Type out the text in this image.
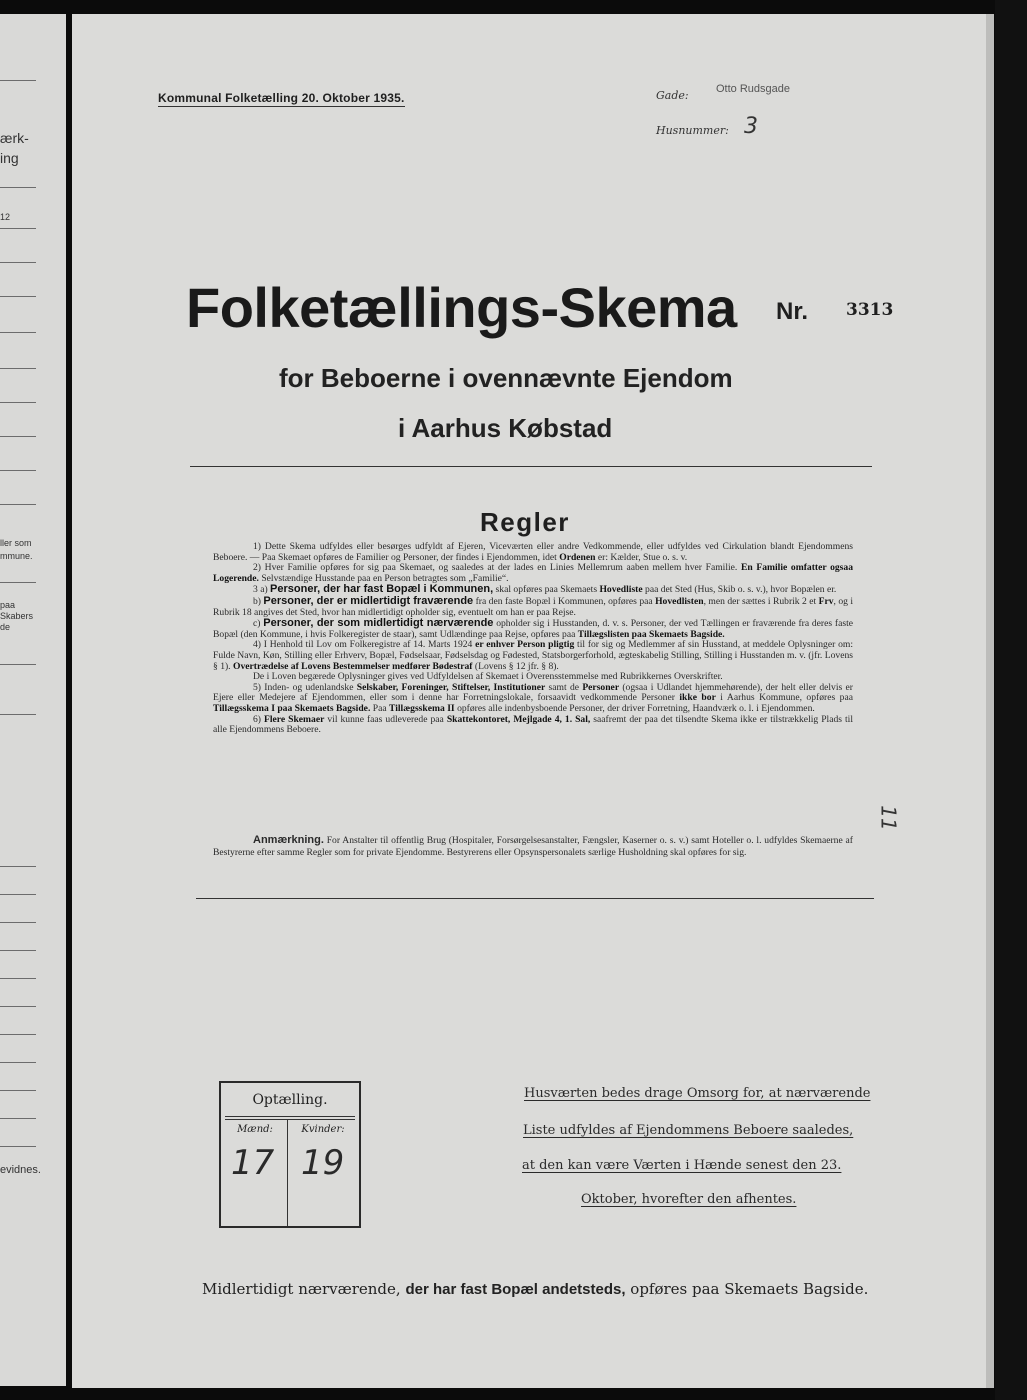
ærk-
ing
12
ller som
mmune.
paa
Skabers
de
evidnes.
Kommunal Folketælling 20. Oktober 1935.	Gade: Otto Rudsgade
Husnummer: 3
Folketællings-Skema Nr. 3313
for Beboerne i ovennævnte Ejendom
i Aarhus Købstad
Regler

1) Dette Skema udfyldes eller besørges udfyldt af Ejeren, Viceværten eller andre Vedkommende, eller udfyldes ved Cirkulation blandt Ejendommens Beboere. — Paa Skemaet opføres de Familier og Personer, der findes i Ejendommen, idet Ordenen er: Kælder, Stue o. s. v.

2) Hver Familie opføres for sig paa Skemaet, og saaledes at der lades en Linies Mellemrum aaben mellem hver Familie. En Familie omfatter ogsaa Logerende. Selvstændige Husstande paa en Person betragtes som „Familie“.

3 a) Personer, der har fast Bopæl i Kommunen, skal opføres paa Skemaets Hovedliste paa det Sted (Hus, Skib o. s. v.), hvor Bopælen er.

b) Personer, der er midlertidigt fraværende fra den faste Bopæl i Kommunen, opføres paa Hovedlisten, men der sættes i Rubrik 2 et Frv, og i Rubrik 18 angives det Sted, hvor han midlertidigt opholder sig, eventuelt om han er paa Rejse.

c) Personer, der som midlertidigt nærværende opholder sig i Husstanden, d. v. s. Personer, der ved Tællingen er fraværende fra deres faste Bopæl (den Kommune, i hvis Folkeregister de staar), samt Udlændinge paa Rejse, opføres paa Tillægslisten paa Skemaets Bagside.

4) I Henhold til Lov om Folkeregistre af 14. Marts 1924 er enhver Person pligtig til for sig og Medlemmer af sin Husstand, at meddele Oplysninger om: Fulde Navn, Køn, Stilling eller Erhverv, Bopæl, Fødselsaar, Fødselsdag og Fødested, Statsborgerforhold, ægteskabelig Stilling, Stilling i Husstanden m. v. (jfr. Lovens § 1). Overtrædelse af Lovens Bestemmelser medfører Bødestraf (Lovens § 12 jfr. § 8).

De i Loven begærede Oplysninger gives ved Udfyldelsen af Skemaet i Overensstemmelse med Rubrikkernes Overskrifter.

5) Inden- og udenlandske Selskaber, Foreninger, Stiftelser, Institutioner samt de Personer (ogsaa i Udlandet hjemmehørende), der helt eller delvis er Ejere eller Medejere af Ejendommen, eller som i denne har Forretningslokale, forsaavidt vedkommende Personer ikke bor i Aarhus Kommune, opføres paa Tillægsskema I paa Skemaets Bagside. Paa Tillægsskema II opføres alle indenbysboende Personer, der driver Forretning, Haandværk o. l. i Ejendommen.

6) Flere Skemaer vil kunne faas udleverede paa Skattekontoret, Mejlgade 4, 1. Sal, saafremt der paa det tilsendte Skema ikke er tilstrækkelig Plads til alle Ejendommens Beboere.

11
Anmærkning. For Anstalter til offentlig Brug (Hospitaler, Forsørgelsesanstalter, Fængsler, Kaserner o. s. v.) samt Hoteller o. l. udfyldes Skemaerne af Bestyrerne efter samme Regler som for private Ejendomme. Bestyrerens eller Opsynspersonalets særlige Husholdning skal opføres for sig.
Optælling.
Mænd:	Kvinder:
17 19
Husværten bedes drage Omsorg for, at nærværende
Liste udfyldes af Ejendommens Beboere saaledes,
at den kan være Værten i Hænde senest den 23.
Oktober, hvorefter den afhentes.
Midlertidigt nærværende, der har fast Bopæl andetsteds, opføres paa Skemaets Bagside.
